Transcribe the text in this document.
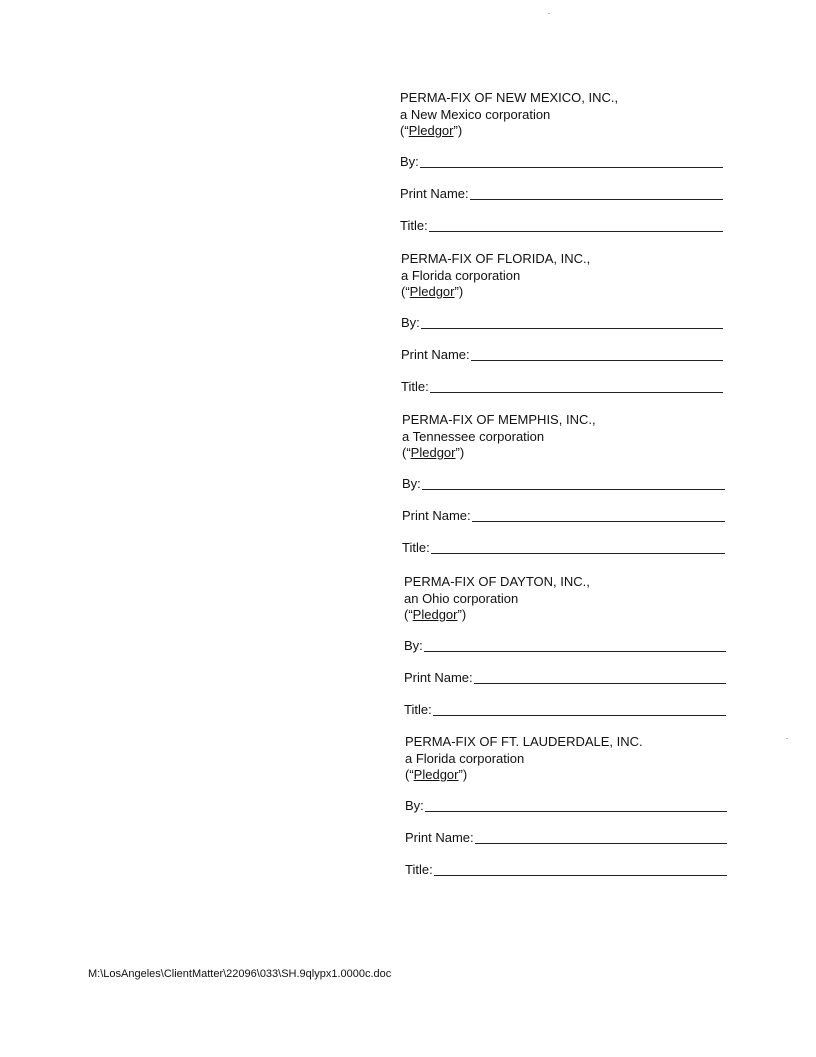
PERMA-FIX OF NEW MEXICO, INC.,
a New Mexico corporation
(“Pledgor”)
By:
Print Name:
Title:
PERMA-FIX OF FLORIDA, INC.,
a Florida corporation
(“Pledgor”)
By:
Print Name:
Title:
PERMA-FIX OF MEMPHIS, INC.,
a Tennessee corporation
(“Pledgor”)
By:
Print Name:
Title:
PERMA-FIX OF DAYTON, INC.,
an Ohio corporation
(“Pledgor”)
By:
Print Name:
Title:
PERMA-FIX OF FT. LAUDERDALE, INC.
a Florida corporation
(“Pledgor”)
By:
Print Name:
Title:
M:\LosAngeles\ClientMatter\22096\033\SH.9qlypx1.0000c.doc
